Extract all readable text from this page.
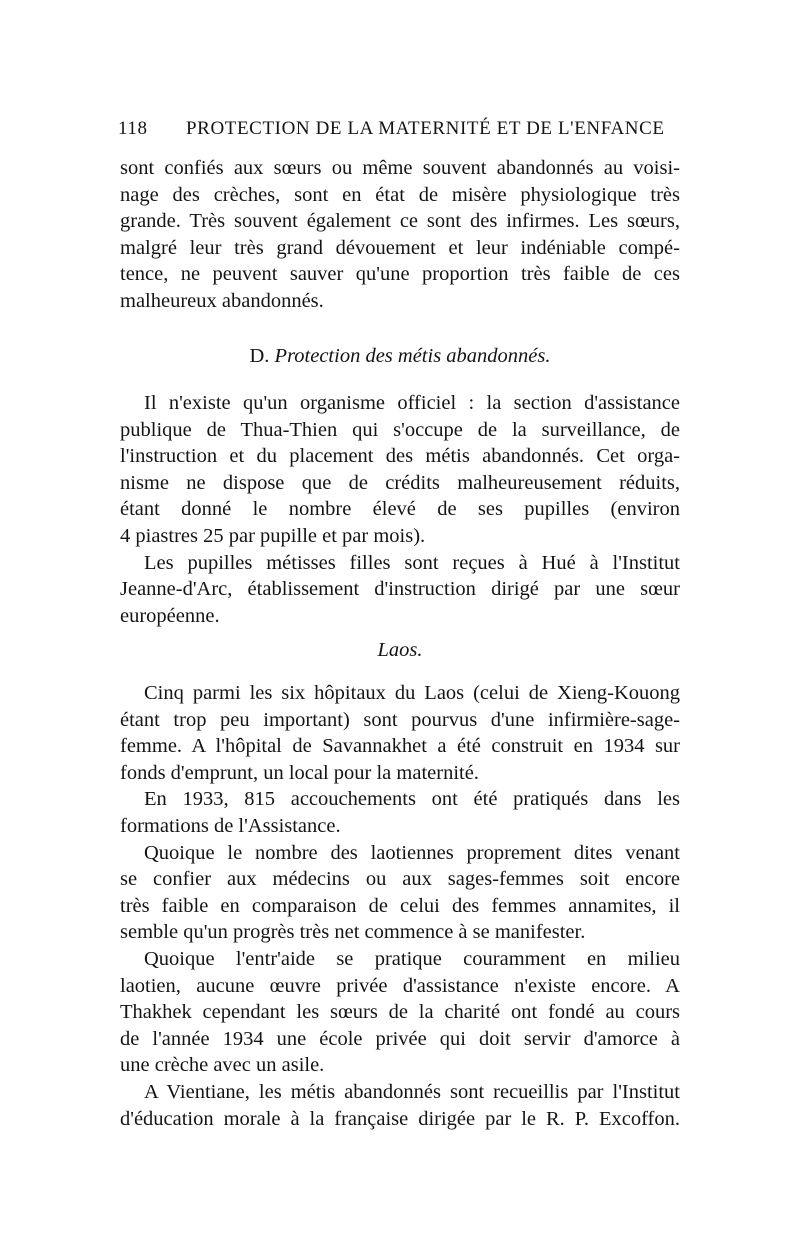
118 PROTECTION DE LA MATERNITÉ ET DE L'ENFANCE
sont confiés aux sœurs ou même souvent abandonnés au voisi-
nage des crèches, sont en état de misère physiologique très
grande. Très souvent également ce sont des infirmes. Les sœurs,
malgré leur très grand dévouement et leur indéniable compé-
tence, ne peuvent sauver qu'une proportion très faible de ces
malheureux abandonnés.
D. Protection des métis abandonnés.
Il n'existe qu'un organisme officiel : la section d'assistance
publique de Thua-Thien qui s'occupe de la surveillance, de
l'instruction et du placement des métis abandonnés. Cet orga-
nisme ne dispose que de crédits malheureusement réduits,
étant donné le nombre élevé de ses pupilles (environ
4 piastres 25 par pupille et par mois).
Les pupilles métisses filles sont reçues à Hué à l'Institut
Jeanne-d'Arc, établissement d'instruction dirigé par une sœur
européenne.
Laos.
Cinq parmi les six hôpitaux du Laos (celui de Xieng-Kouong
étant trop peu important) sont pourvus d'une infirmière-sage-
femme. A l'hôpital de Savannakhet a été construit en 1934 sur
fonds d'emprunt, un local pour la maternité.
En 1933, 815 accouchements ont été pratiqués dans les
formations de l'Assistance.
Quoique le nombre des laotiennes proprement dites venant
se confier aux médecins ou aux sages-femmes soit encore
très faible en comparaison de celui des femmes annamites, il
semble qu'un progrès très net commence à se manifester.
Quoique l'entr'aide se pratique couramment en milieu
laotien, aucune œuvre privée d'assistance n'existe encore. A
Thakhek cependant les sœurs de la charité ont fondé au cours
de l'année 1934 une école privée qui doit servir d'amorce à
une crèche avec un asile.
A Vientiane, les métis abandonnés sont recueillis par l'Institut
d'éducation morale à la française dirigée par le R. P. Excoffon.
